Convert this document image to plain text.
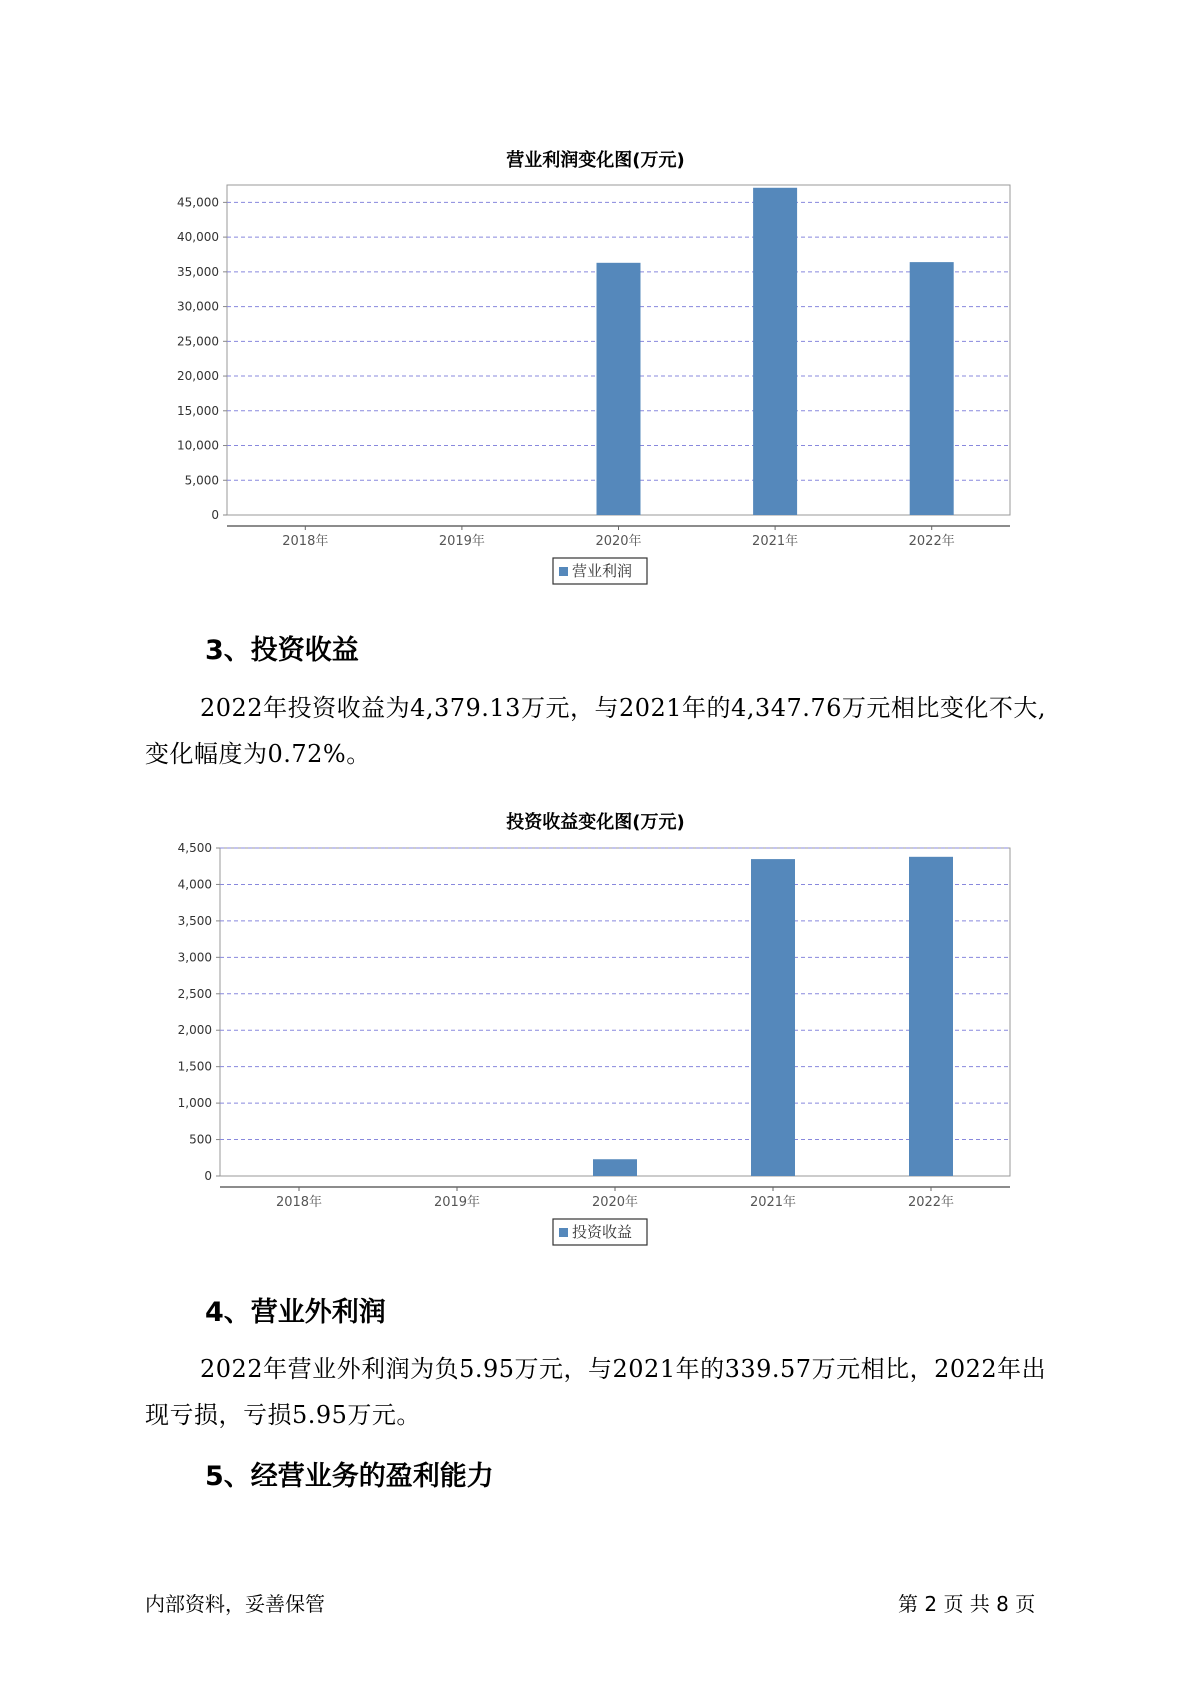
营业利润变化图(万元)
0
5,000
10,000
15,000
20,000
25,000
30,000
35,000
40,000
45,000
2018年	2019年	2020年	2021年	2022年
营业利润
3、投资收益

2022年投资收益为4,379.13万元，与2021年的4,347.76万元相比变化不大,变化幅度为0.72%。

投资收益变化图(万元)
0
500
1,000
1,500
2,000
2,500
3,000
3,500
4,000
4,500
2018年	2019年	2020年	2021年	2022年
投资收益
4、营业外利润

2022年营业外利润为负5.95万元，与2021年的339.57万元相比，2022年出现亏损，亏损5.95万元。

5、经营业务的盈利能力
内部资料，妥善保管	第 2 页 共 8 页
